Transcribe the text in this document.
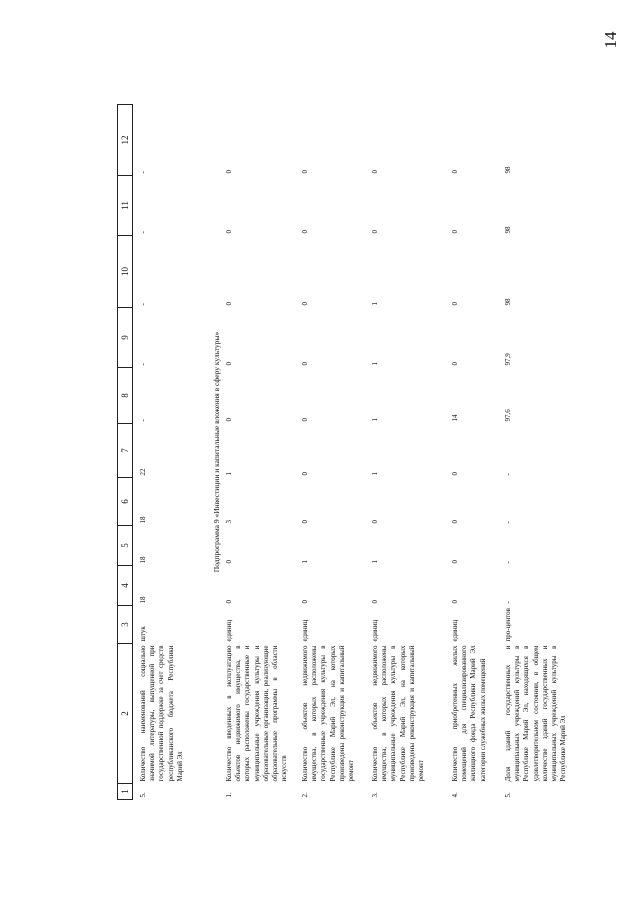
14
1	2	3	4	5	6	7	8	9	10	11	12
5.	Количество наименований социально значимой литературы, выпущенной при государственной поддержке за счет средств республиканского бюджета Республики Марий Эл	штук	18	18	18	22	-	-	-	-	-
Подпрограмма 9 «Инвестиции и капитальные вложения в сферу культуры»											
1.	Количество введенных в эксплуатацию объектов недвижимого имущества, в которых расположены государственные и муниципальные учреждения культуры и образовательные организации, реализующие образовательные программы в области искусств	единиц	0	0	3	1	0	0	0	0	0
2.	Количество объектов недвижимого имущества, в которых расположены государственные учреждения культуры в Республике Марий Эл, на которых произведены реконструкция и капитальный ремонт	единиц	0	1	0	0	0	0	0	0	0
3.	Количество объектов недвижимого имущества, в которых расположены муниципальные учреждения культуры в Республике Марий Эл, на которых произведены реконструкция и капитальный ремонт	единиц	0	1	0	1	1	1	1	0	0
4.	Количество приобретенных жилых помещений для специализированного жилищного фонда Республики Марий Эл категории служебных жилых помещений	единиц	0	0	0	0	14	0	0	0	0
5.	Доля зданий государственных и муниципальных учреждений культуры в Республике Марий Эл, находящихся в удовлетворительном состоянии, в общем количестве зданий государственных и муниципальных учреждений культуры в Республике Марий Эл	про-центов	-	-	-	-	97,6	97,9	98	98	98
